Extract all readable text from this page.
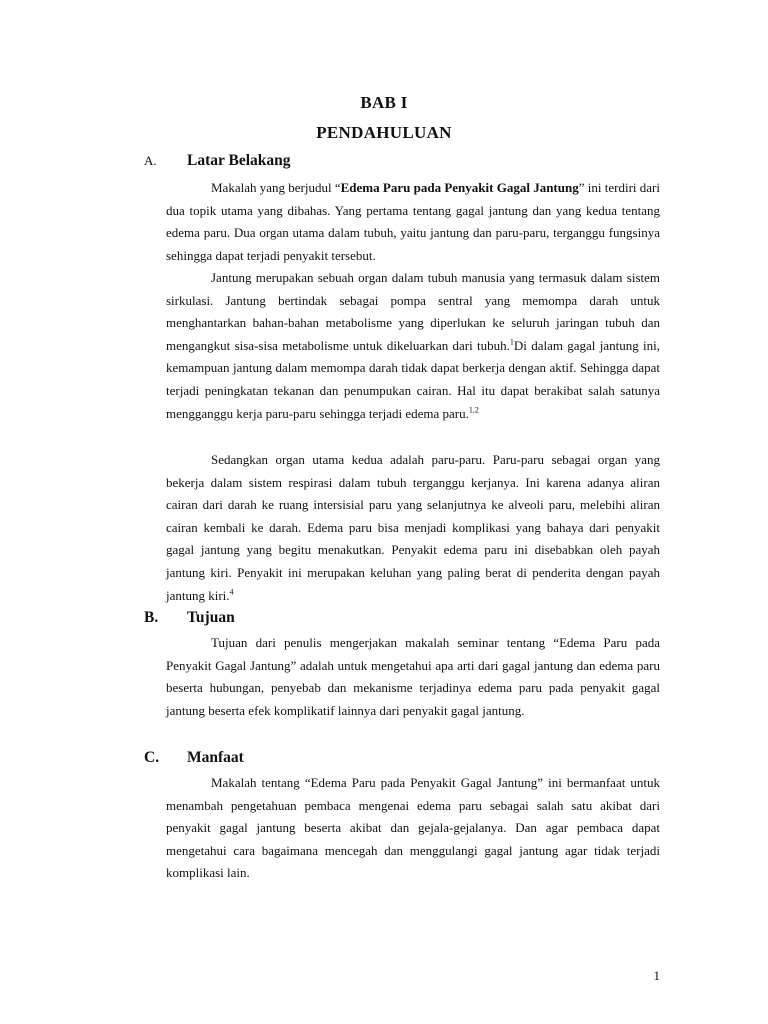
BAB I
PENDAHULUAN
A. Latar Belakang

Makalah yang berjudul “Edema Paru pada Penyakit Gagal Jantung” ini terdiri dari dua topik utama yang dibahas. Yang pertama tentang gagal jantung dan yang kedua tentang edema paru. Dua organ utama dalam tubuh, yaitu jantung dan paru-paru, terganggu fungsinya sehingga dapat terjadi penyakit tersebut.

Jantung merupakan sebuah organ dalam tubuh manusia yang termasuk dalam sistem sirkulasi. Jantung bertindak sebagai pompa sentral yang memompa darah untuk menghantarkan bahan-bahan metabolisme yang diperlukan ke seluruh jaringan tubuh dan mengangkut sisa-sisa metabolisme untuk dikeluarkan dari tubuh.$^1$Di dalam gagal jantung ini, kemampuan jantung dalam memompa darah tidak dapat berkerja dengan aktif. Sehingga dapat terjadi peningkatan tekanan dan penumpukan cairan. Hal itu dapat berakibat salah satunya mengganggu kerja paru-paru sehingga terjadi edema paru.$^{1,2}$

Sedangkan organ utama kedua adalah paru-paru. Paru-paru sebagai organ yang bekerja dalam sistem respirasi dalam tubuh terganggu kerjanya. Ini karena adanya aliran cairan dari darah ke ruang intersisial paru yang selanjutnya ke alveoli paru, melebihi aliran cairan kembali ke darah. Edema paru bisa menjadi komplikasi yang bahaya dari penyakit gagal jantung yang begitu menakutkan. Penyakit edema paru ini disebabkan oleh payah jantung kiri. Penyakit ini merupakan keluhan yang paling berat di penderita dengan payah jantung kiri.$^4$

B. Tujuan

Tujuan dari penulis mengerjakan makalah seminar tentang “Edema Paru pada Penyakit Gagal Jantung” adalah untuk mengetahui apa arti dari gagal jantung dan edema paru beserta hubungan, penyebab dan mekanisme terjadinya edema paru pada penyakit gagal jantung beserta efek komplikatif lainnya dari penyakit gagal jantung.

C. Manfaat

Makalah tentang “Edema Paru pada Penyakit Gagal Jantung” ini bermanfaat untuk menambah pengetahuan pembaca mengenai edema paru sebagai salah satu akibat dari penyakit gagal jantung beserta akibat dan gejala-gejalanya. Dan agar pembaca dapat mengetahui cara bagaimana mencegah dan menggulangi gagal jantung agar tidak terjadi komplikasi lain.

1
